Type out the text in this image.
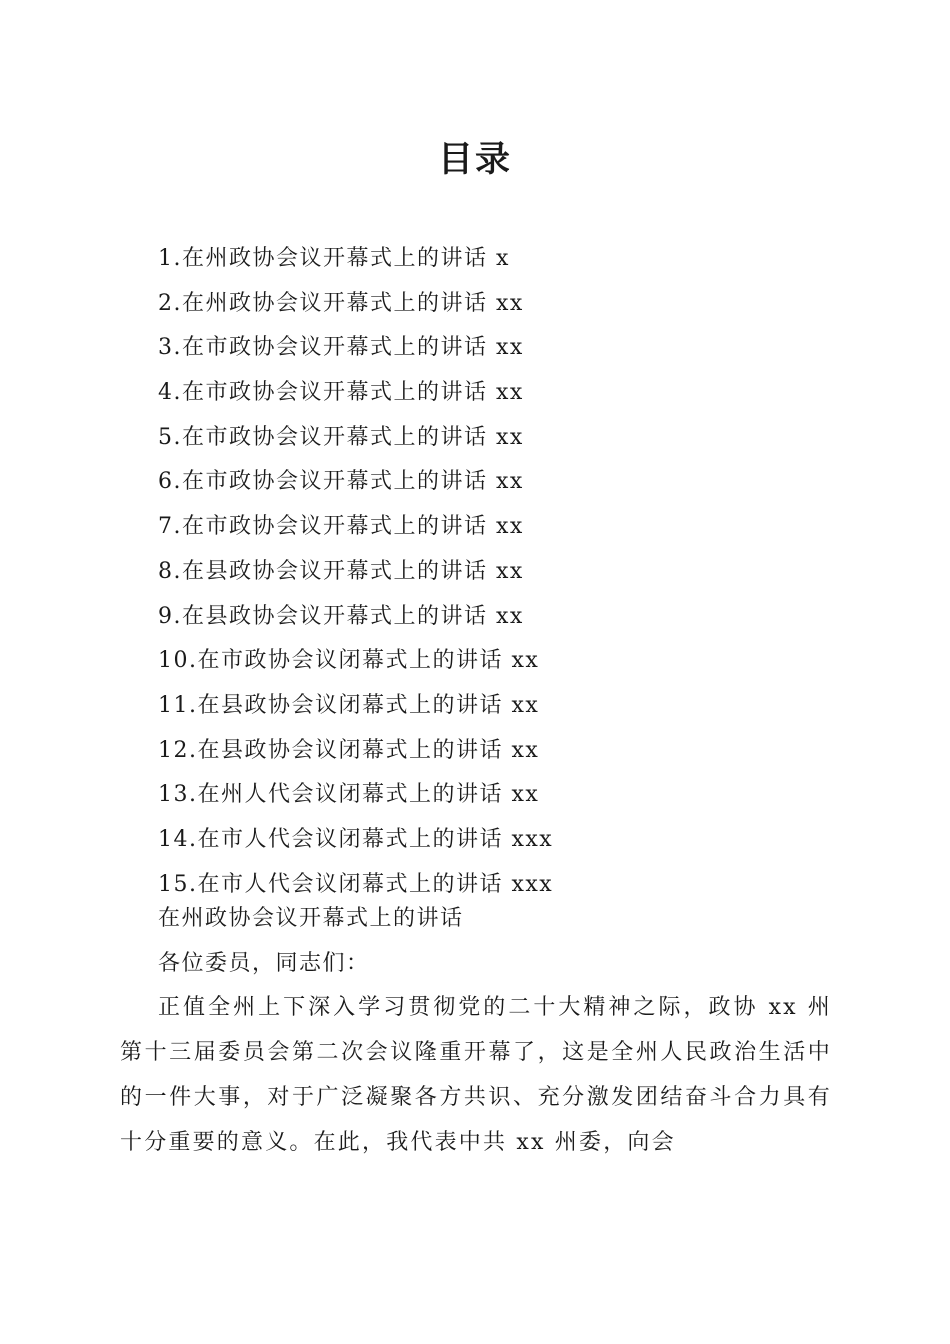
目录
1.在州政协会议开幕式上的讲话 x
2.在州政协会议开幕式上的讲话 xx
3.在市政协会议开幕式上的讲话 xx
4.在市政协会议开幕式上的讲话 xx
5.在市政协会议开幕式上的讲话 xx
6.在市政协会议开幕式上的讲话 xx
7.在市政协会议开幕式上的讲话 xx
8.在县政协会议开幕式上的讲话 xx
9.在县政协会议开幕式上的讲话 xx
10.在市政协会议闭幕式上的讲话 xx
11.在县政协会议闭幕式上的讲话 xx
12.在县政协会议闭幕式上的讲话 xx
13.在州人代会议闭幕式上的讲话 xx
14.在市人代会议闭幕式上的讲话 xxx
15.在市人代会议闭幕式上的讲话 xxx
在州政协会议开幕式上的讲话
各位委员，同志们：

正值全州上下深入学习贯彻党的二十大精神之际，政协 xx 州第十三届委员会第二次会议隆重开幕了，这是全州人民政治生活中的一件大事，对于广泛凝聚各方共识、充分激发团结奋斗合力具有十分重要的意义。在此，我代表中共 xx 州委，向会
